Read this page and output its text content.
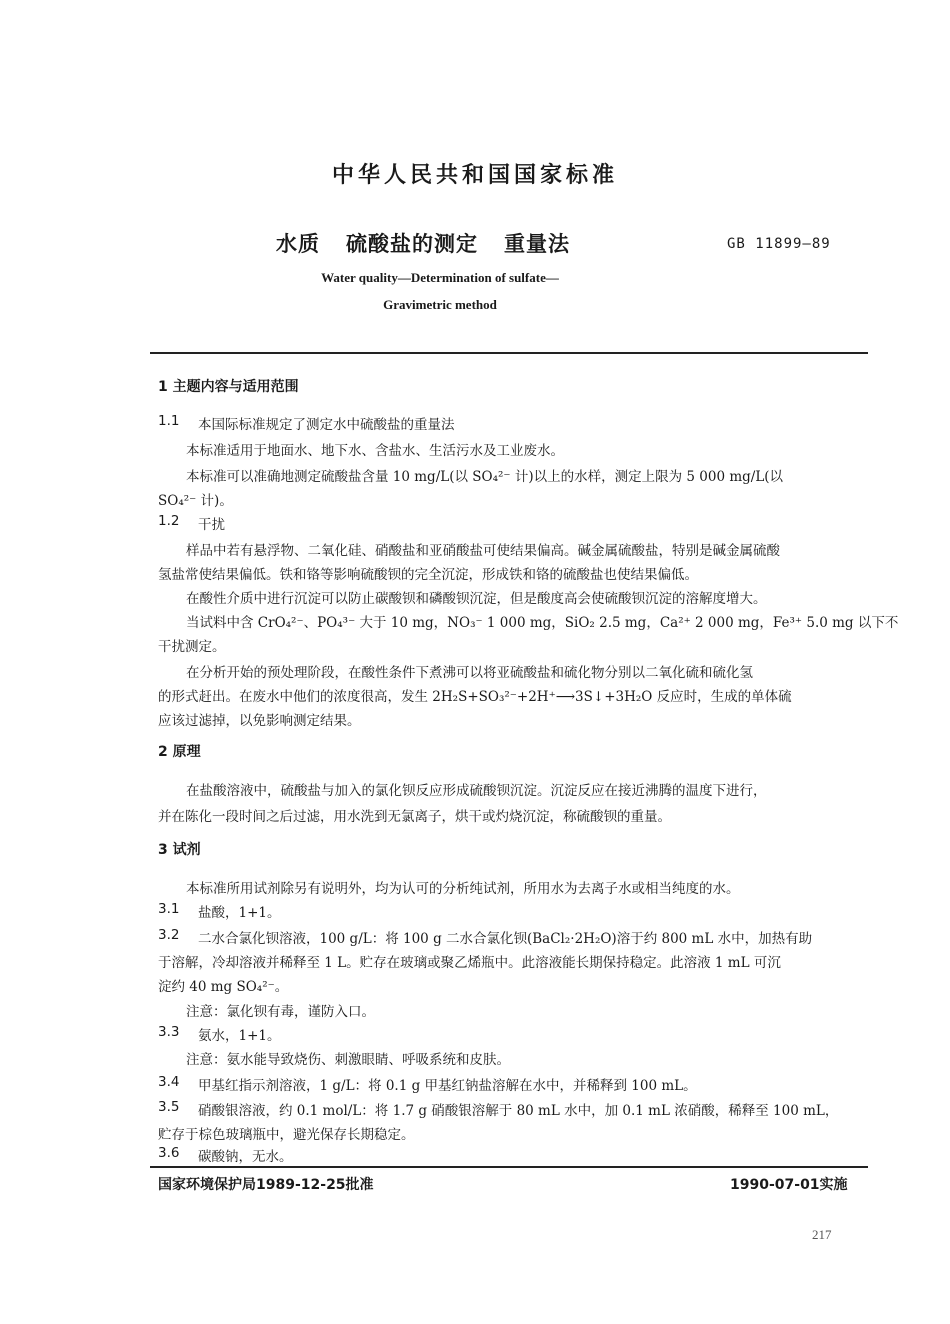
中华人民共和国国家标准
水质 硫酸盐的测定 重量法	GB 11899—89
Water quality—Determination of sulfate—
Gravimetric method
1 主题内容与适用范围
1.1 本国际标准规定了测定水中硫酸盐的重量法
本标准适用于地面水、地下水、含盐水、生活污水及工业废水。
本标准可以准确地测定硫酸盐含量 10 mg/L(以 SO₄²⁻ 计)以上的水样，测定上限为 5 000 mg/L(以
SO₄²⁻ 计)。
1.2 干扰
样品中若有悬浮物、二氧化硅、硝酸盐和亚硝酸盐可使结果偏高。碱金属硫酸盐，特别是碱金属硫酸
氢盐常使结果偏低。铁和铬等影响硫酸钡的完全沉淀，形成铁和铬的硫酸盐也使结果偏低。
在酸性介质中进行沉淀可以防止碳酸钡和磷酸钡沉淀，但是酸度高会使硫酸钡沉淀的溶解度增大。
当试料中含 CrO₄²⁻、PO₄³⁻ 大于 10 mg，NO₃⁻ 1 000 mg，SiO₂ 2.5 mg，Ca²⁺ 2 000 mg，Fe³⁺ 5.0 mg 以下不
干扰测定。
在分析开始的预处理阶段，在酸性条件下煮沸可以将亚硫酸盐和硫化物分别以二氧化硫和硫化氢
的形式赶出。在废水中他们的浓度很高，发生 2H₂S+SO₃²⁻+2H⁺⟶3S↓+3H₂O 反应时，生成的单体硫
应该过滤掉，以免影响测定结果。
2 原理
在盐酸溶液中，硫酸盐与加入的氯化钡反应形成硫酸钡沉淀。沉淀反应在接近沸腾的温度下进行，
并在陈化一段时间之后过滤，用水洗到无氯离子，烘干或灼烧沉淀，称硫酸钡的重量。
3 试剂
本标准所用试剂除另有说明外，均为认可的分析纯试剂，所用水为去离子水或相当纯度的水。
3.1 盐酸，1+1。
3.2 二水合氯化钡溶液，100 g/L：将 100 g 二水合氯化钡(BaCl₂·2H₂O)溶于约 800 mL 水中，加热有助
于溶解，冷却溶液并稀释至 1 L。贮存在玻璃或聚乙烯瓶中。此溶液能长期保持稳定。此溶液 1 mL 可沉
淀约 40 mg SO₄²⁻。
注意：氯化钡有毒，谨防入口。
3.3 氨水，1+1。
注意：氨水能导致烧伤、刺激眼睛、呼吸系统和皮肤。
3.4 甲基红指示剂溶液，1 g/L：将 0.1 g 甲基红钠盐溶解在水中，并稀释到 100 mL。
3.5 硝酸银溶液，约 0.1 mol/L：将 1.7 g 硝酸银溶解于 80 mL 水中，加 0.1 mL 浓硝酸，稀释至 100 mL，
贮存于棕色玻璃瓶中，避光保存长期稳定。
3.6 碳酸钠，无水。
国家环境保护局1989-12-25批准	1990-07-01实施
217
